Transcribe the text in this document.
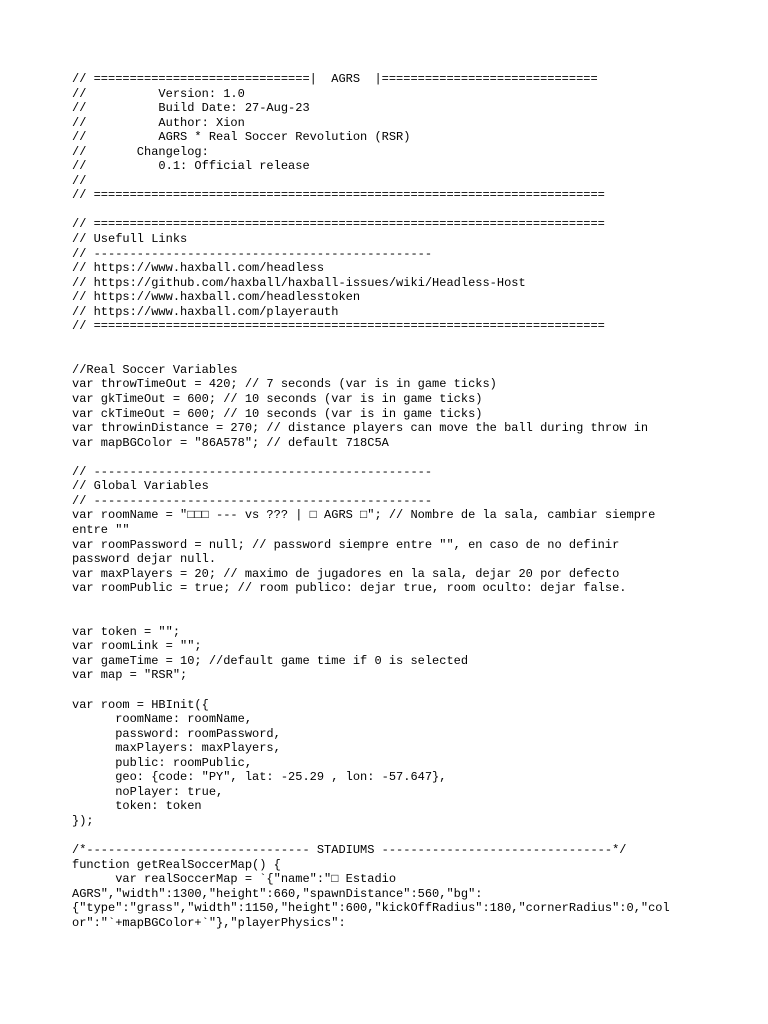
// ==============================|  AGRS  |==============================
//          Version: 1.0
//          Build Date: 27-Aug-23
//          Author: Xion
//          AGRS * Real Soccer Revolution (RSR)
//       Changelog:
//          0.1: Official release
//
// =======================================================================
// =======================================================================
// Usefull Links
// -----------------------------------------------
// https://www.haxball.com/headless
// https://github.com/haxball/haxball-issues/wiki/Headless-Host
// https://www.haxball.com/headlesstoken
// https://www.haxball.com/playerauth
// =======================================================================
//Real Soccer Variables
var throwTimeOut = 420; // 7 seconds (var is in game ticks)
var gkTimeOut = 600; // 10 seconds (var is in game ticks)
var ckTimeOut = 600; // 10 seconds (var is in game ticks)
var throwinDistance = 270; // distance players can move the ball during throw in
var mapBGColor = "86A578"; // default 718C5A
// -----------------------------------------------
// Global Variables
// -----------------------------------------------
var roomName = "□□□ --- vs ??? | □ AGRS □"; // Nombre de la sala, cambiar siempre
entre ""
var roomPassword = null; // password siempre entre "", en caso de no definir
password dejar null.
var maxPlayers = 20; // maximo de jugadores en la sala, dejar 20 por defecto
var roomPublic = true; // room publico: dejar true, room oculto: dejar false.
var token = "";
var roomLink = "";
var gameTime = 10; //default game time if 0 is selected
var map = "RSR";
var room = HBInit({
roomName: roomName,
password: roomPassword,
maxPlayers: maxPlayers,
public: roomPublic,
geo: {code: "PY", lat: -25.29 , lon: -57.647},
noPlayer: true,
token: token
});
/*------------------------------- STADIUMS --------------------------------*/
function getRealSoccerMap() {
var realSoccerMap = `{"name":"□ Estadio
AGRS","width":1300,"height":660,"spawnDistance":560,"bg":
{"type":"grass","width":1150,"height":600,"kickOffRadius":180,"cornerRadius":0,"col
or":"`+mapBGColor+`"},"playerPhysics":
